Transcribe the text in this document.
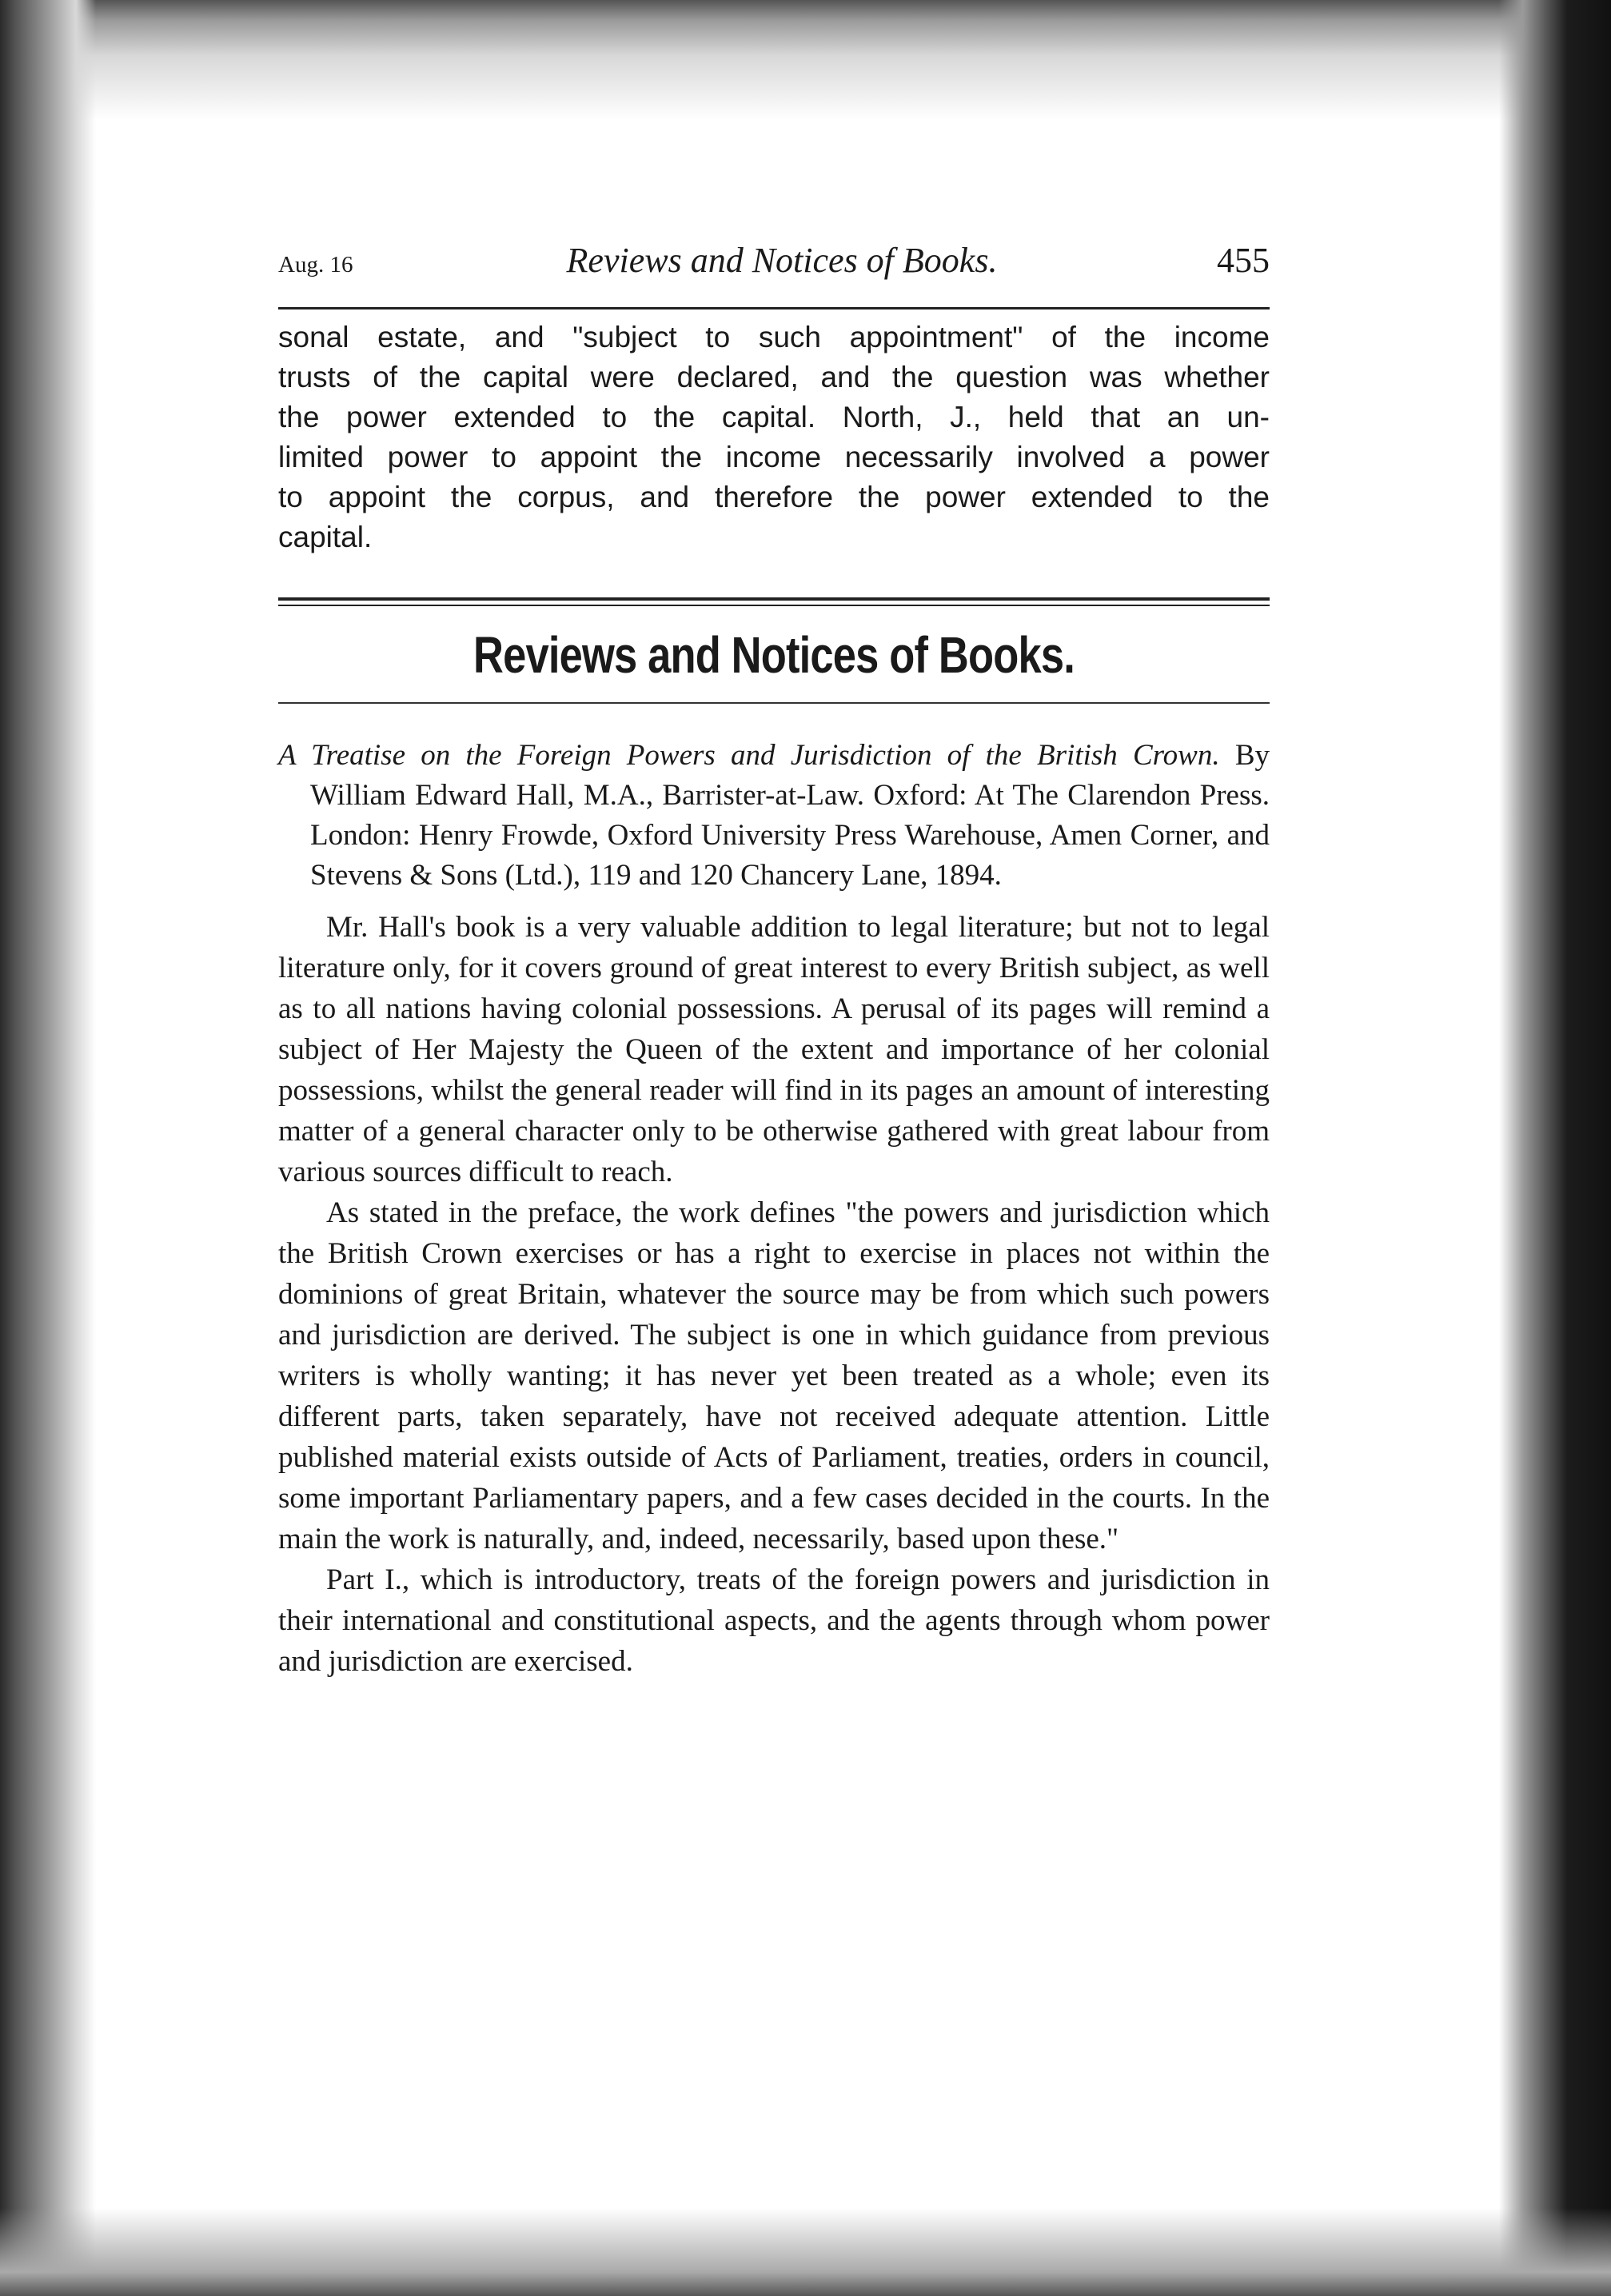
Aug. 16	Reviews and Notices of Books.	455

sonal estate, and "subject to such appointment" of the income

trusts of the capital were declared, and the question was whether

the power extended to the capital. North, J., held that an un-

limited power to appoint the income necessarily involved a power

to appoint the corpus, and therefore the power extended to the

capital.

Reviews and Notices of Books.

A Treatise on the Foreign Powers and Jurisdiction of the British Crown. By William Edward Hall, M.A., Barrister-at-Law. Oxford: At The Clarendon Press. London: Henry Frowde, Oxford University Press Warehouse, Amen Corner, and Stevens & Sons (Ltd.), 119 and 120 Chancery Lane, 1894.

Mr. Hall's book is a very valuable addition to legal literature; but not to legal literature only, for it covers ground of great interest to every British subject, as well as to all nations having colonial possessions. A perusal of its pages will remind a subject of Her Majesty the Queen of the extent and importance of her colonial possessions, whilst the general reader will find in its pages an amount of interesting matter of a general character only to be otherwise gathered with great labour from various sources difficult to reach.

As stated in the preface, the work defines "the powers and jurisdiction which the British Crown exercises or has a right to exercise in places not within the dominions of great Britain, whatever the source may be from which such powers and jurisdiction are derived. The subject is one in which guidance from previous writers is wholly wanting; it has never yet been treated as a whole; even its different parts, taken separately, have not received adequate attention. Little published material exists outside of Acts of Parliament, treaties, orders in council, some important Parliamentary papers, and a few cases decided in the courts. In the main the work is naturally, and, indeed, necessarily, based upon these."

Part I., which is introductory, treats of the foreign powers and jurisdiction in their international and constitutional aspects, and the agents through whom power and jurisdiction are exercised.
